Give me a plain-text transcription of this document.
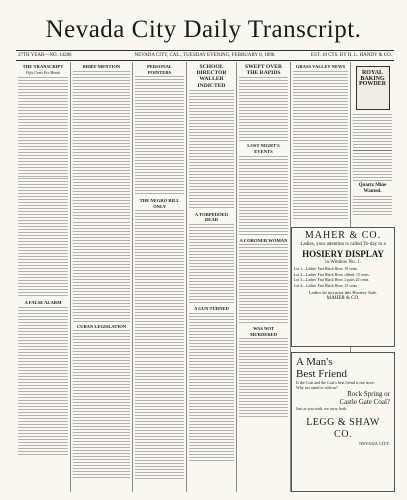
Nevada City Daily Transcript.
27TH YEAR—NO. 14286	NEVADA CITY, CAL., TUESDAY EVENING, FEBRUARY 8, 1898.	EST. 10 CTS. BY H. L. HANDY & CO.
THE TRANSCRIPT
Fifty Cents Per Month
A FALSE ALARM
BRIEF MENTION
CUBAN LEGISLATION
PERSONAL POINTERS
THE NEGRO BILL ONLY
SCHOOL DIRECTOR WALLER INDICTED
A TORPEDOED DEAD
A GUN TURNED
SWEPT OVER THE RAPIDS
LOST NIGHT'S EVENTS
A CORONER WOMAN
WAS NOT MURDERED
GRASS VALLEY NEWS
ROYAL BAKING POWDER
Quartz Mine Wanted.
MAHER & CO.
Ladies, your attention is called To-day to a
HOSIERY DISPLAY
in Window No. 1.
Lot 1—Ladies' Fast Black Hose, 10 cents.
Lot 2—Ladies' Fast Black Hose, ribbed, 15 cents.
Lot 3—Ladies' Fast Black Hose, 2 pairs 25 cents.
Lot 4—Ladies' Fast Black Hose, 25 cents.
Ladies do not miss this Hosiery Sale.
MAHER & CO.
A Man's
Best Friend
Is the Coat and the Coat's best friend is our store.
Why not stand in with us?
Rock Spring or
Castle Gate Coal?
Just as you wish, we carry both.
LEGG & SHAW CO.
NEVADA CITY.
